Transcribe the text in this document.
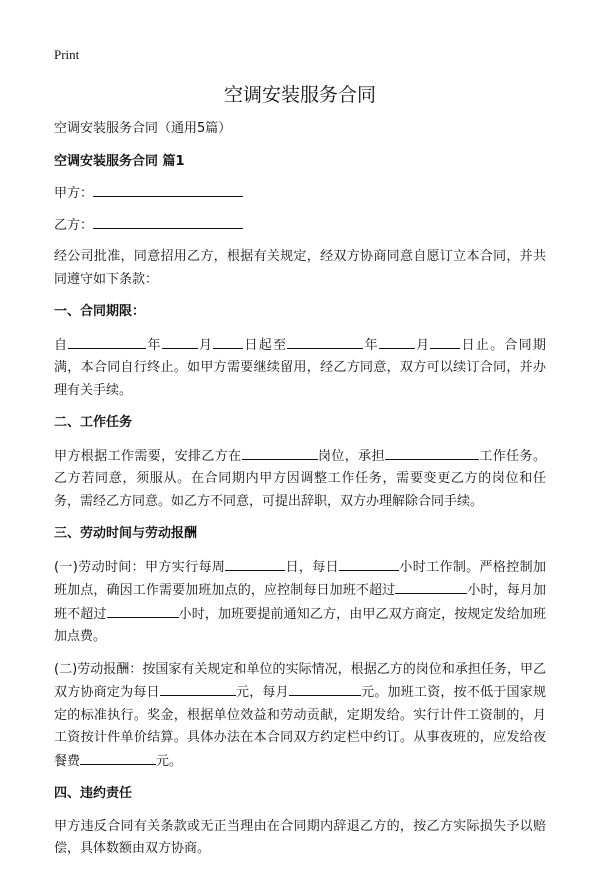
Print
空调安装服务合同

空调安装服务合同（通用5篇）

空调安装服务合同 篇1

甲方：
乙方：

经公司批准，同意招用乙方，根据有关规定，经双方协商同意自愿订立本合同，并共同遵守如下条款：

一、合同期限：

自	年	月 日起至	年	月 日止。合同期满，本合同自行终止。如甲方需要继续留用，经乙方同意，双方可以续订合同，并办理有关手续。

二、工作任务

甲方根据工作需要，安排乙方在	岗位，承担	工作任务。乙方若同意，须服从。在合同期内甲方因调整工作任务，需要变更乙方的岗位和任务，需经乙方同意。如乙方不同意，可提出辞职，双方办理解除合同手续。

三、劳动时间与劳动报酬

(一)劳动时间：甲方实行每周	日，每日	小时工作制。严格控制加班加点，确因工作需要加班加点的，应控制每日加班不超过	小时，每月加班不超过	小时，加班要提前通知乙方，由甲乙双方商定，按规定发给加班加点费。

(二)劳动报酬：按国家有关规定和单位的实际情况，根据乙方的岗位和承担任务，甲乙双方协商定为每日	元，每月	元。加班工资，按不低于国家规定的标准执行。奖金，根据单位效益和劳动贡献，定期发给。实行计件工资制的，月工资按计件单价结算。具体办法在本合同双方约定栏中约订。从事夜班的，应发给夜餐费	元。

四、违约责任

甲方违反合同有关条款或无正当理由在合同期内辞退乙方的，按乙方实际损失予以赔偿，具体数额由双方协商。
